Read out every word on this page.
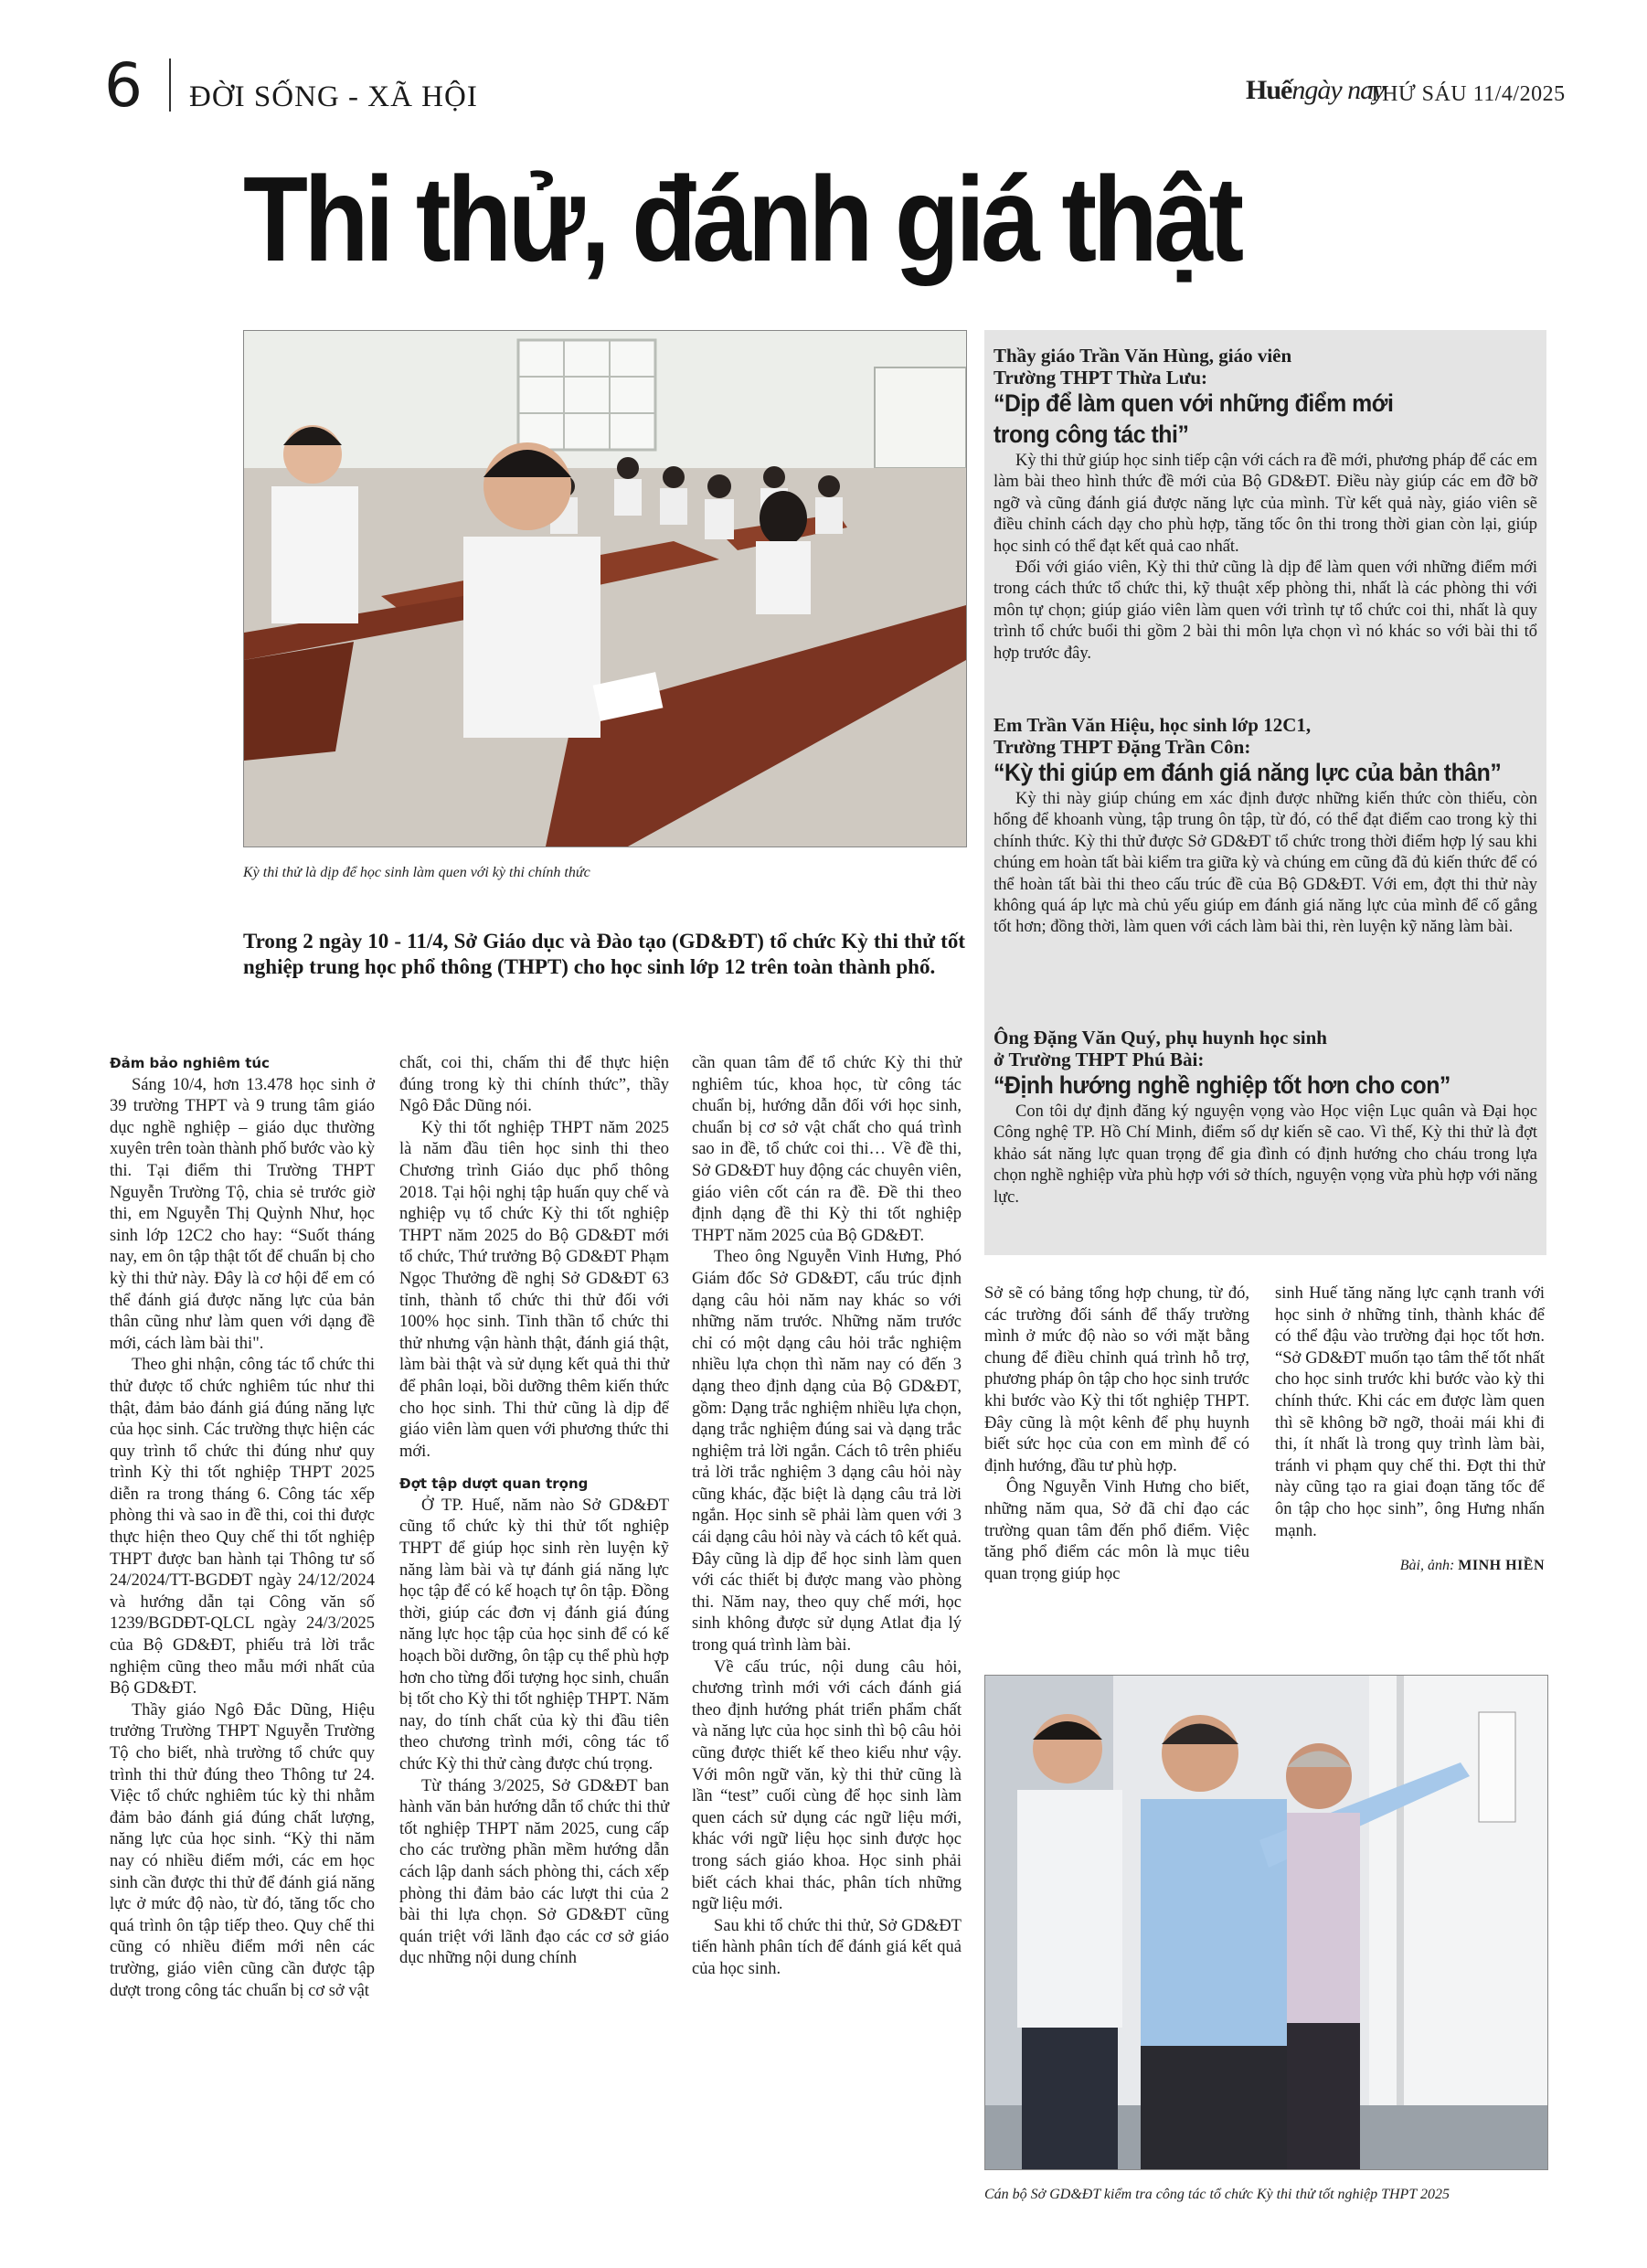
6 ĐỜI SỐNG - XÃ HỘI	Huếngày nay
THỨ SÁU 11/4/2025
Thi thử, đánh giá thật
Kỳ thi thử là dịp để học sinh làm quen với kỳ thi chính thức
Trong 2 ngày 10 - 11/4, Sở Giáo dục và Đào tạo (GD&ĐT) tổ chức Kỳ thi thử tốt nghiệp trung học phổ thông (THPT) cho học sinh lớp 12 trên toàn thành phố.

Đảm bảo nghiêm túc

Sáng 10/4, hơn 13.478 học sinh ở 39 trường THPT và 9 trung tâm giáo dục nghề nghiệp – giáo dục thường xuyên trên toàn thành phố bước vào kỳ thi. Tại điểm thi Trường THPT Nguyễn Trường Tộ, chia sẻ trước giờ thi, em Nguyễn Thị Quỳnh Như, học sinh lớp 12C2 cho hay: “Suốt tháng nay, em ôn tập thật tốt để chuẩn bị cho kỳ thi thử này. Đây là cơ hội để em có thể đánh giá được năng lực của bản thân cũng như làm quen với dạng đề mới, cách làm bài thi".

Theo ghi nhận, công tác tổ chức thi thử được tổ chức nghiêm túc như thi thật, đảm bảo đánh giá đúng năng lực của học sinh. Các trường thực hiện các quy trình tổ chức thi đúng như quy trình Kỳ thi tốt nghiệp THPT 2025 diễn ra trong tháng 6. Công tác xếp phòng thi và sao in đề thi, coi thi được thực hiện theo Quy chế thi tốt nghiệp THPT được ban hành tại Thông tư số 24/2024/TT-BGDĐT ngày 24/12/2024 và hướng dẫn tại Công văn số 1239/BGDĐT-QLCL ngày 24/3/2025 của Bộ GD&ĐT, phiếu trả lời trắc nghiệm cũng theo mẫu mới nhất của Bộ GD&ĐT.

Thầy giáo Ngô Đắc Dũng, Hiệu trưởng Trường THPT Nguyễn Trường Tộ cho biết, nhà trường tổ chức quy trình thi thử đúng theo Thông tư 24. Việc tổ chức nghiêm túc kỳ thi nhằm đảm bảo đánh giá đúng chất lượng, năng lực của học sinh. “Kỳ thi năm nay có nhiều điểm mới, các em học sinh cần được thi thử để đánh giá năng lực ở mức độ nào, từ đó, tăng tốc cho quá trình ôn tập tiếp theo. Quy chế thi cũng có nhiều điểm mới nên các trường, giáo viên cũng cần được tập dượt trong công tác chuẩn bị cơ sở vật

chất, coi thi, chấm thi để thực hiện đúng trong kỳ thi chính thức”, thầy Ngô Đắc Dũng nói.

Kỳ thi tốt nghiệp THPT năm 2025 là năm đầu tiên học sinh thi theo Chương trình Giáo dục phổ thông 2018. Tại hội nghị tập huấn quy chế và nghiệp vụ tổ chức Kỳ thi tốt nghiệp THPT năm 2025 do Bộ GD&ĐT mới tổ chức, Thứ trưởng Bộ GD&ĐT Phạm Ngọc Thưởng đề nghị Sở GD&ĐT 63 tỉnh, thành tổ chức thi thử đối với 100% học sinh. Tinh thần tổ chức thi thử nhưng vận hành thật, đánh giá thật, làm bài thật và sử dụng kết quả thi thử để phân loại, bồi dưỡng thêm kiến thức cho học sinh. Thi thử cũng là dịp để giáo viên làm quen với phương thức thi mới.

Đợt tập dượt quan trọng

Ở TP. Huế, năm nào Sở GD&ĐT cũng tổ chức kỳ thi thử tốt nghiệp THPT để giúp học sinh rèn luyện kỹ năng làm bài và tự đánh giá năng lực học tập để có kế hoạch tự ôn tập. Đồng thời, giúp các đơn vị đánh giá đúng năng lực học tập của học sinh để có kế hoạch bồi dưỡng, ôn tập cụ thể phù hợp hơn cho từng đối tượng học sinh, chuẩn bị tốt cho Kỳ thi tốt nghiệp THPT. Năm nay, do tính chất của kỳ thi đầu tiên theo chương trình mới, công tác tổ chức Kỳ thi thử càng được chú trọng.

Từ tháng 3/2025, Sở GD&ĐT ban hành văn bản hướng dẫn tổ chức thi thử tốt nghiệp THPT năm 2025, cung cấp cho các trường phần mềm hướng dẫn cách lập danh sách phòng thi, cách xếp phòng thi đảm bảo các lượt thi của 2 bài thi lựa chọn. Sở GD&ĐT cũng quán triệt với lãnh đạo các cơ sở giáo dục những nội dung chính

cần quan tâm để tổ chức Kỳ thi thử nghiêm túc, khoa học, từ công tác chuẩn bị, hướng dẫn đối với học sinh, chuẩn bị cơ sở vật chất cho quá trình sao in đề, tổ chức coi thi… Về đề thi, Sở GD&ĐT huy động các chuyên viên, giáo viên cốt cán ra đề. Đề thi theo định dạng đề thi Kỳ thi tốt nghiệp THPT năm 2025 của Bộ GD&ĐT.

Theo ông Nguyễn Vinh Hưng, Phó Giám đốc Sở GD&ĐT, cấu trúc định dạng câu hỏi năm nay khác so với những năm trước. Những năm trước chỉ có một dạng câu hỏi trắc nghiệm nhiều lựa chọn thì năm nay có đến 3 dạng theo định dạng của Bộ GD&ĐT, gồm: Dạng trắc nghiệm nhiều lựa chọn, dạng trắc nghiệm đúng sai và dạng trắc nghiệm trả lời ngắn. Cách tô trên phiếu trả lời trắc nghiệm 3 dạng câu hỏi này cũng khác, đặc biệt là dạng câu trả lời ngắn. Học sinh sẽ phải làm quen với 3 cái dạng câu hỏi này và cách tô kết quả. Đây cũng là dịp để học sinh làm quen với các thiết bị được mang vào phòng thi. Năm nay, theo quy chế mới, học sinh không được sử dụng Atlat địa lý trong quá trình làm bài.

Về cấu trúc, nội dung câu hỏi, chương trình mới với cách đánh giá theo định hướng phát triển phẩm chất và năng lực của học sinh thì bộ câu hỏi cũng được thiết kế theo kiểu như vậy. Với môn ngữ văn, kỳ thi thử cũng là lần “test” cuối cùng để học sinh làm quen cách sử dụng các ngữ liệu mới, khác với ngữ liệu học sinh được học trong sách giáo khoa. Học sinh phải biết cách khai thác, phân tích những ngữ liệu mới.

Sau khi tổ chức thi thử, Sở GD&ĐT tiến hành phân tích để đánh giá kết quả của học sinh.

Sở sẽ có bảng tổng hợp chung, từ đó, các trường đối sánh để thấy trường mình ở mức độ nào so với mặt bằng chung để điều chỉnh quá trình hỗ trợ, phương pháp ôn tập cho học sinh trước khi bước vào Kỳ thi tốt nghiệp THPT. Đây cũng là một kênh để phụ huynh biết sức học của con em mình để có định hướng, đầu tư phù hợp.

Ông Nguyễn Vinh Hưng cho biết, những năm qua, Sở đã chỉ đạo các trường quan tâm đến phổ điểm. Việc tăng phổ điểm các môn là mục tiêu quan trọng giúp học

sinh Huế tăng năng lực cạnh tranh với học sinh ở những tỉnh, thành khác để có thể đậu vào trường đại học tốt hơn. “Sở GD&ĐT muốn tạo tâm thế tốt nhất cho học sinh trước khi bước vào kỳ thi chính thức. Khi các em được làm quen thì sẽ không bỡ ngỡ, thoải mái khi đi thi, ít nhất là trong quy trình làm bài, tránh vi phạm quy chế thi. Đợt thi thử này cũng tạo ra giai đoạn tăng tốc để ôn tập cho học sinh”, ông Hưng nhấn mạnh.

Bài, ảnh: MINH HIỀN

Thầy giáo Trần Văn Hùng, giáo viên

Trường THPT Thừa Lưu:

“Dịp để làm quen với những điểm mới

trong công tác thi”

Kỳ thi thử giúp học sinh tiếp cận với cách ra đề mới, phương pháp để các em làm bài theo hình thức đề mới của Bộ GD&ĐT. Điều này giúp các em đỡ bỡ ngỡ và cũng đánh giá được năng lực của mình. Từ kết quả này, giáo viên sẽ điều chỉnh cách dạy cho phù hợp, tăng tốc ôn thi trong thời gian còn lại, giúp học sinh có thể đạt kết quả cao nhất.

Đối với giáo viên, Kỳ thi thử cũng là dịp để làm quen với những điểm mới trong cách thức tổ chức thi, kỹ thuật xếp phòng thi, nhất là các phòng thi với môn tự chọn; giúp giáo viên làm quen với trình tự tổ chức coi thi, nhất là quy trình tổ chức buổi thi gồm 2 bài thi môn lựa chọn vì nó khác so với bài thi tổ hợp trước đây.

Em Trần Văn Hiệu, học sinh lớp 12C1,

Trường THPT Đặng Trần Côn:

“Kỳ thi giúp em đánh giá năng lực của bản thân”

Kỳ thi này giúp chúng em xác định được những kiến thức còn thiếu, còn hổng để khoanh vùng, tập trung ôn tập, từ đó, có thể đạt điểm cao trong kỳ thi chính thức. Kỳ thi thử được Sở GD&ĐT tổ chức trong thời điểm hợp lý sau khi chúng em hoàn tất bài kiểm tra giữa kỳ và chúng em cũng đã đủ kiến thức để có thể hoàn tất bài thi theo cấu trúc đề của Bộ GD&ĐT. Với em, đợt thi thử này không quá áp lực mà chủ yếu giúp em đánh giá năng lực của mình để cố gắng tốt hơn; đồng thời, làm quen với cách làm bài thi, rèn luyện kỹ năng làm bài.

Ông Đặng Văn Quý, phụ huynh học sinh

ở Trường THPT Phú Bài:

“Định hướng nghề nghiệp tốt hơn cho con”

Con tôi dự định đăng ký nguyện vọng vào Học viện Lục quân và Đại học Công nghệ TP. Hồ Chí Minh, điểm số dự kiến sẽ cao. Vì thế, Kỳ thi thử là đợt khảo sát năng lực quan trọng để gia đình có định hướng cho cháu trong lựa chọn nghề nghiệp vừa phù hợp với sở thích, nguyện vọng vừa phù hợp với năng lực.

Cán bộ Sở GD&ĐT kiểm tra công tác tổ chức Kỳ thi thử tốt nghiệp THPT 2025
